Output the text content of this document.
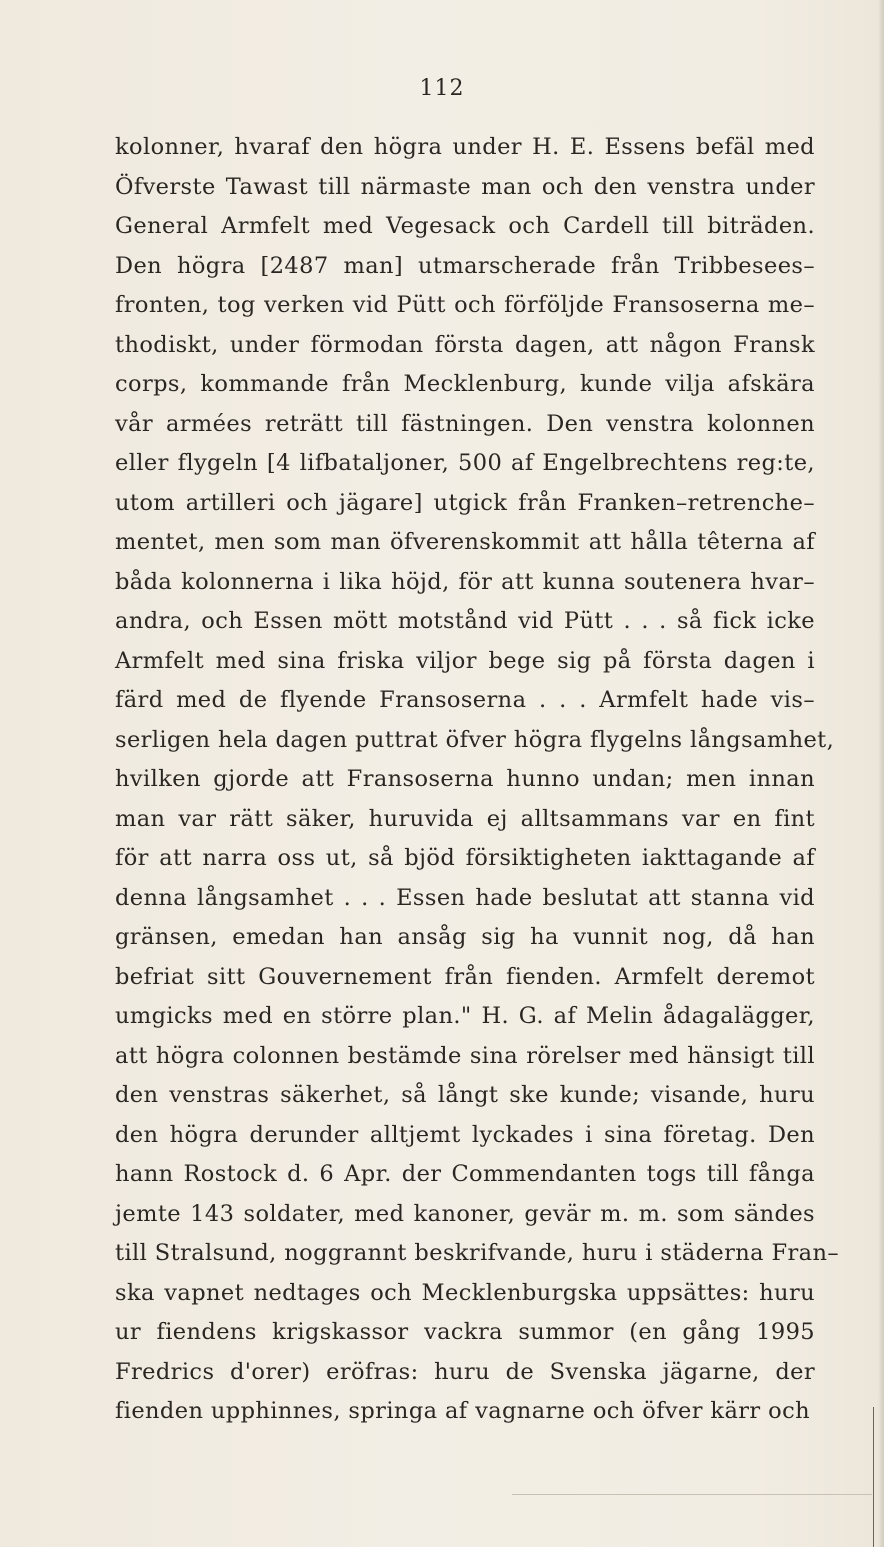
112
kolonner, hvaraf den högra under H. E. Essens befäl med
Öfverste Tawast till närmaste man och den venstra under
General Armfelt med Vegesack och Cardell till biträden.
Den högra [2487 man] utmarscherade från Tribbesees–
fronten, tog verken vid Pütt och förföljde Fransoserna me–
thodiskt, under förmodan första dagen, att någon Fransk
corps, kommande från Mecklenburg, kunde vilja afskära
vår armées reträtt till fästningen. Den venstra kolonnen
eller flygeln [4 lifbataljoner, 500 af Engelbrechtens reg:te,
utom artilleri och jägare] utgick från Franken–retrenche–
mentet, men som man öfverenskommit att hålla têterna af
båda kolonnerna i lika höjd, för att kunna soutenera hvar–
andra, och Essen mött motstånd vid Pütt . . . så fick icke
Armfelt med sina friska viljor bege sig på första dagen i
färd med de flyende Fransoserna . . . Armfelt hade vis–
serligen hela dagen puttrat öfver högra flygelns långsamhet,
hvilken gjorde att Fransoserna hunno undan; men innan
man var rätt säker, huruvida ej alltsammans var en fint
för att narra oss ut, så bjöd försiktigheten iakttagande af
denna långsamhet . . . Essen hade beslutat att stanna vid
gränsen, emedan han ansåg sig ha vunnit nog, då han
befriat sitt Gouvernement från fienden. Armfelt deremot
umgicks med en större plan." H. G. af Melin ådagalägger,
att högra colonnen bestämde sina rörelser med hänsigt till
den venstras säkerhet, så långt ske kunde; visande, huru
den högra derunder alltjemt lyckades i sina företag. Den
hann Rostock d. 6 Apr. der Commendanten togs till fånga
jemte 143 soldater, med kanoner, gevär m. m. som sändes
till Stralsund, noggrannt beskrifvande, huru i städerna Fran–
ska vapnet nedtages och Mecklenburgska uppsättes: huru
ur fiendens krigskassor vackra summor (en gång 1995
Fredrics d'orer) eröfras: huru de Svenska jägarne, der
fienden upphinnes, springa af vagnarne och öfver kärr och
